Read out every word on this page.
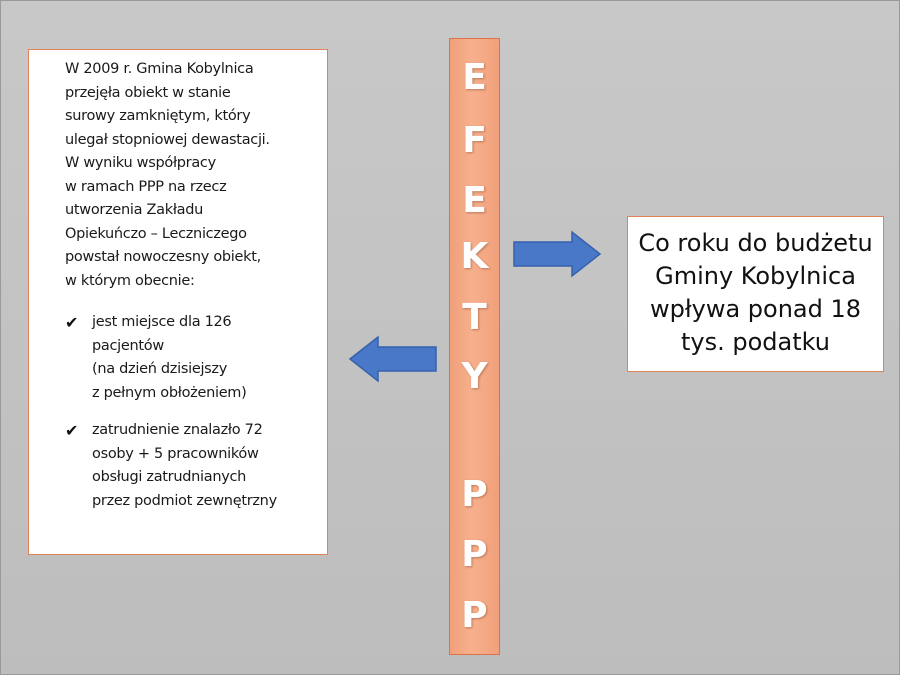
W 2009 r. Gmina Kobylnica
przejęła obiekt w stanie
surowy zamkniętym, który
ulegał stopniowej dewastacji.
W wyniku współpracy
w ramach PPP na rzecz
utworzenia Zakładu
Opiekuńczo – Leczniczego
powstał nowoczesny obiekt,
w którym obecnie:
✔ jest miejsce dla 126
pacjentów
(na dzień dzisiejszy
z pełnym obłożeniem)
✔ zatrudnienie znalazło 72
osoby + 5 pracowników
obsługi zatrudnianych
przez podmiot zewnętrzny
E
F
E
K
T
Y
P
P
P
Co roku do budżetu
Gminy Kobylnica
wpływa ponad 18
tys. podatku
